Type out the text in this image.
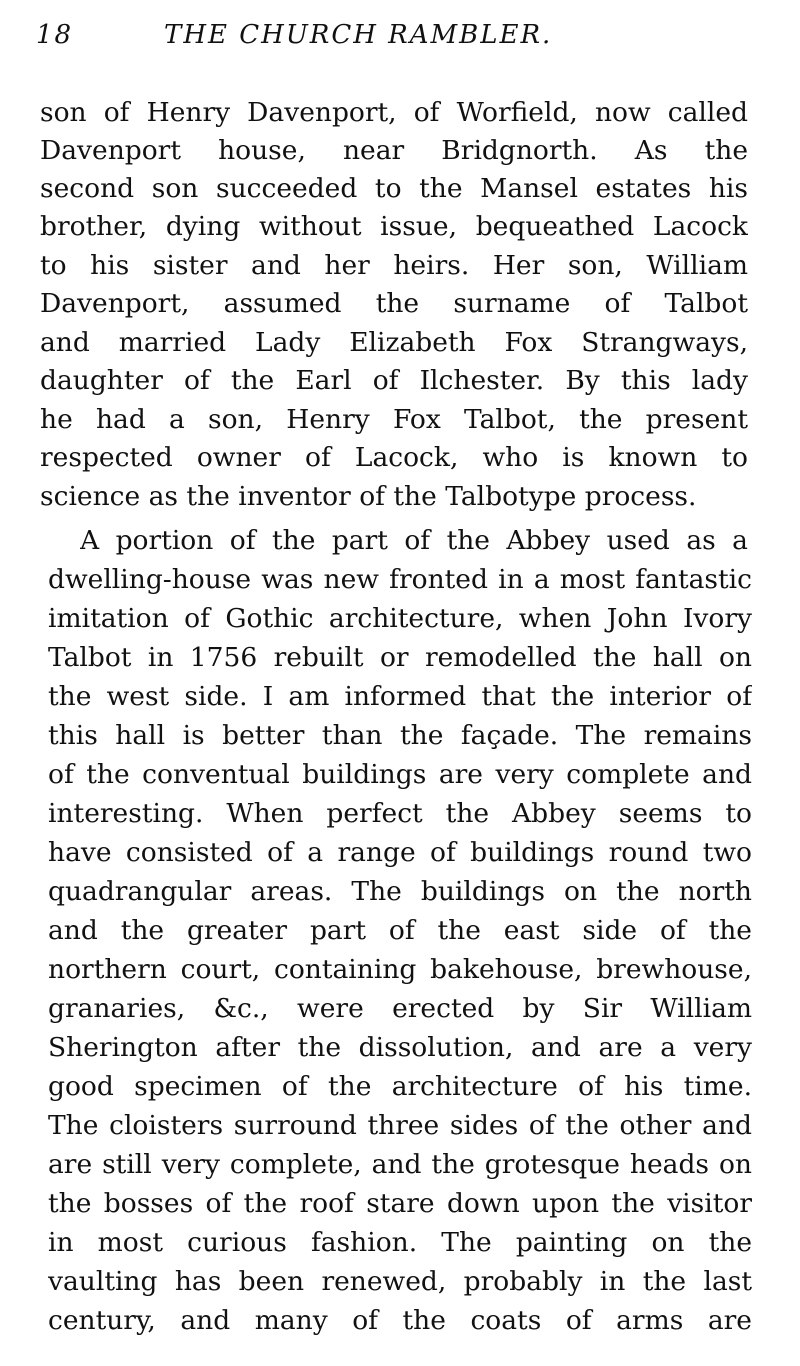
18	THE CHURCH RAMBLER.
son of Henry Davenport, of Worfield, now called
Davenport house, near Bridgnorth. As the
second son succeeded to the Mansel estates his
brother, dying without issue, bequeathed Lacock
to his sister and her heirs. Her son, William
Davenport, assumed the surname of Talbot
and married Lady Elizabeth Fox Strangways,
daughter of the Earl of Ilchester. By this lady
he had a son, Henry Fox Talbot, the present
respected owner of Lacock, who is known to
science as the inventor of the Talbotype process.
A portion of the part of the Abbey used as a
dwelling-house was new fronted in a most fantastic
imitation of Gothic architecture, when John Ivory
Talbot in 1756 rebuilt or remodelled the hall on
the west side. I am informed that the interior of
this hall is better than the façade. The remains
of the conventual buildings are very complete and
interesting. When perfect the Abbey seems to
have consisted of a range of buildings round two
quadrangular areas. The buildings on the north
and the greater part of the east side of the
northern court, containing bakehouse, brewhouse,
granaries, &c., were erected by Sir William
Sherington after the dissolution, and are a very
good specimen of the architecture of his time.
The cloisters surround three sides of the other and
are still very complete, and the grotesque heads on
the bosses of the roof stare down upon the visitor
in most curious fashion. The painting on the
vaulting has been renewed, probably in the last
century, and many of the coats of arms are
